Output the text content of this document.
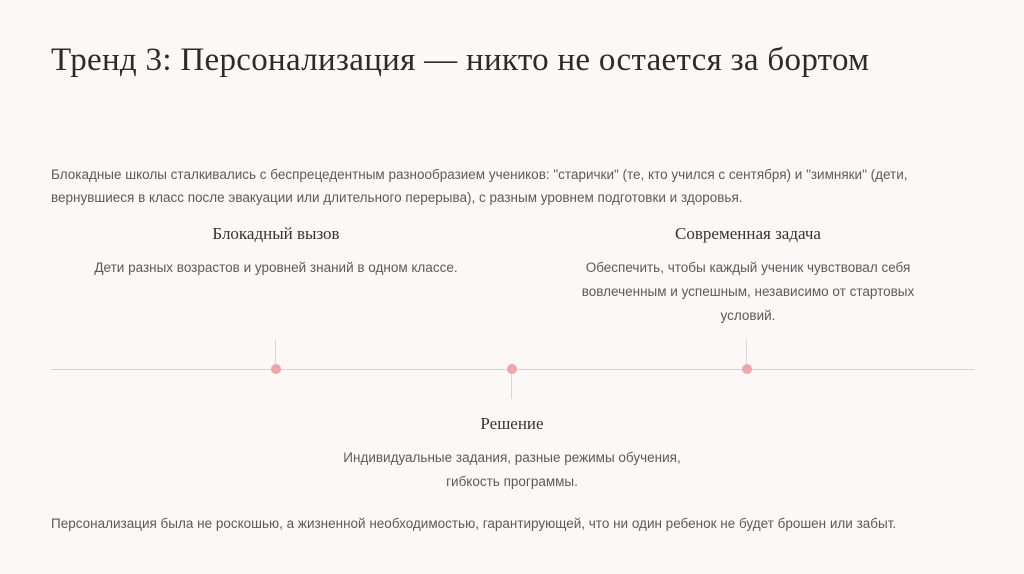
Тренд 3: Персонализация — никто не остается за бортом

Блокадные школы сталкивались с беспрецедентным разнообразием учеников: "старички" (те, кто учился с сентября) и "зимняки" (дети, вернувшиеся в класс после эвакуации или длительного перерыва), с разным уровнем подготовки и здоровья.

Блокадный вызов
Дети разных возрастов и уровней знаний в одном классе.
Современная задача
Обеспечить, чтобы каждый ученик чувствовал себя
вовлеченным и успешным, независимо от стартовых
условий.
Решение
Индивидуальные задания, разные режимы обучения,
гибкость программы.

Персонализация была не роскошью, а жизненной необходимостью, гарантирующей, что ни один ребенок не будет брошен или забыт.
